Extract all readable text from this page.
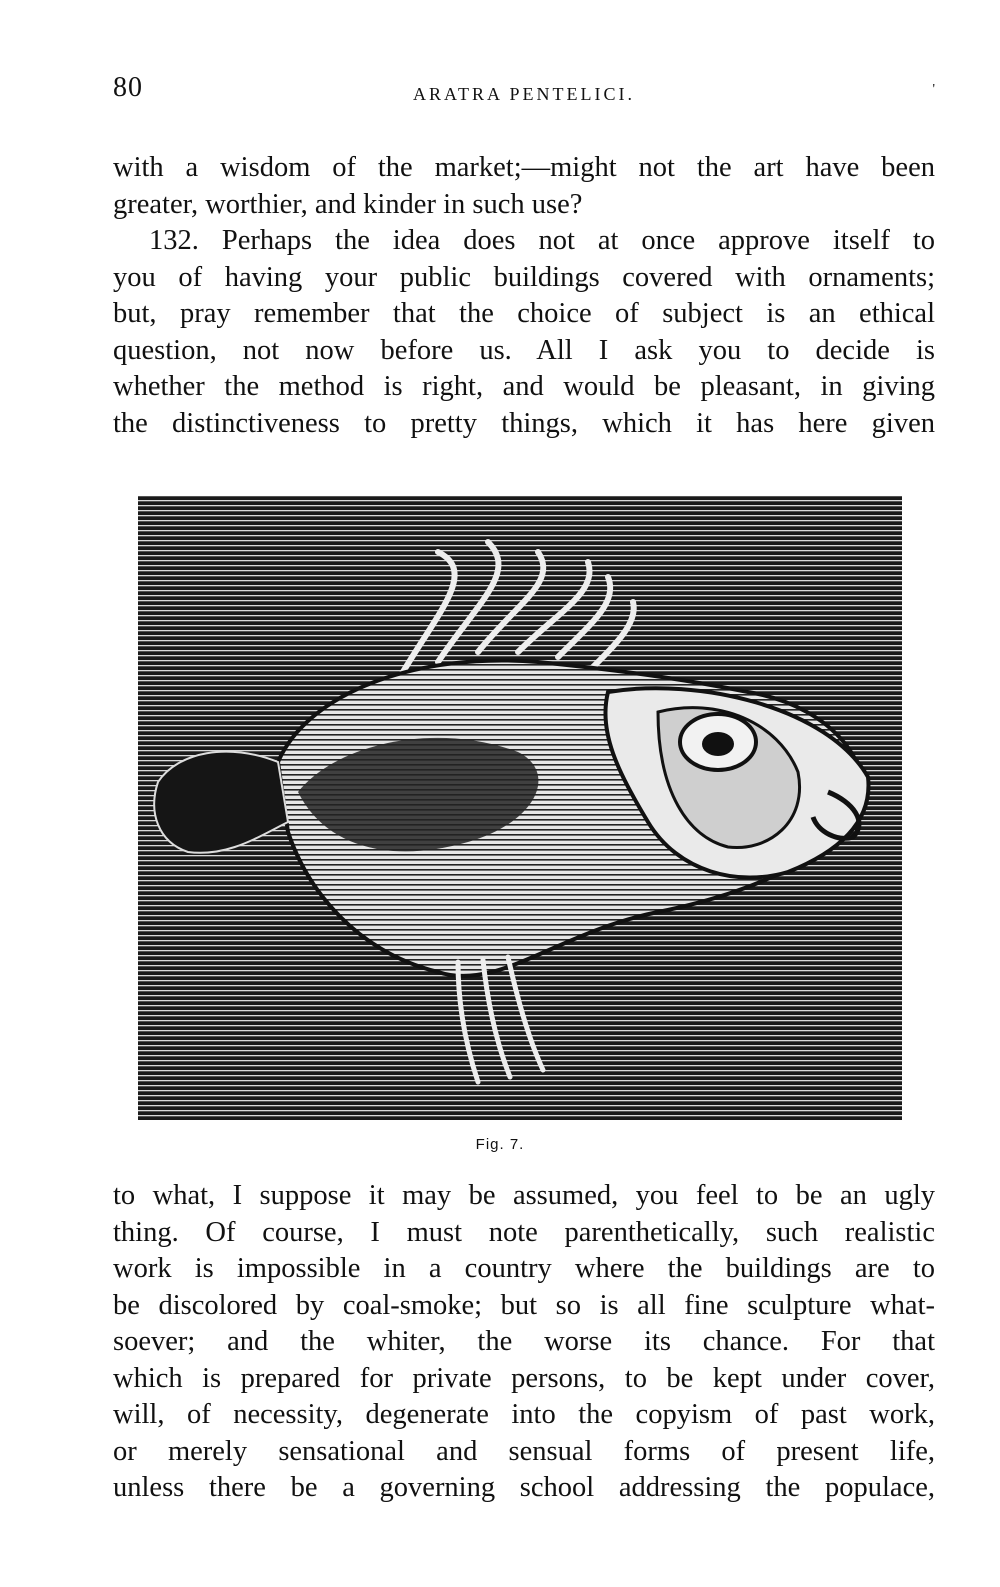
80	ARATRA PENTELICI.	'
with a wisdom of the market;—might not the art have been
greater, worthier, and kinder in such use?
132. Perhaps the idea does not at once approve itself to
you of having your public buildings covered with ornaments;
but, pray remember that the choice of subject is an ethical
question, not now before us. All I ask you to decide is
whether the method is right, and would be pleasant, in giving
the distinctiveness to pretty things, which it has here given
Fig. 7.
to what, I suppose it may be assumed, you feel to be an ugly
thing. Of course, I must note parenthetically, such realistic
work is impossible in a country where the buildings are to
be discolored by coal-smoke; but so is all fine sculpture what-
soever; and the whiter, the worse its chance. For that
which is prepared for private persons, to be kept under cover,
will, of necessity, degenerate into the copyism of past work,
or merely sensational and sensual forms of present life,
unless there be a governing school addressing the populace,
